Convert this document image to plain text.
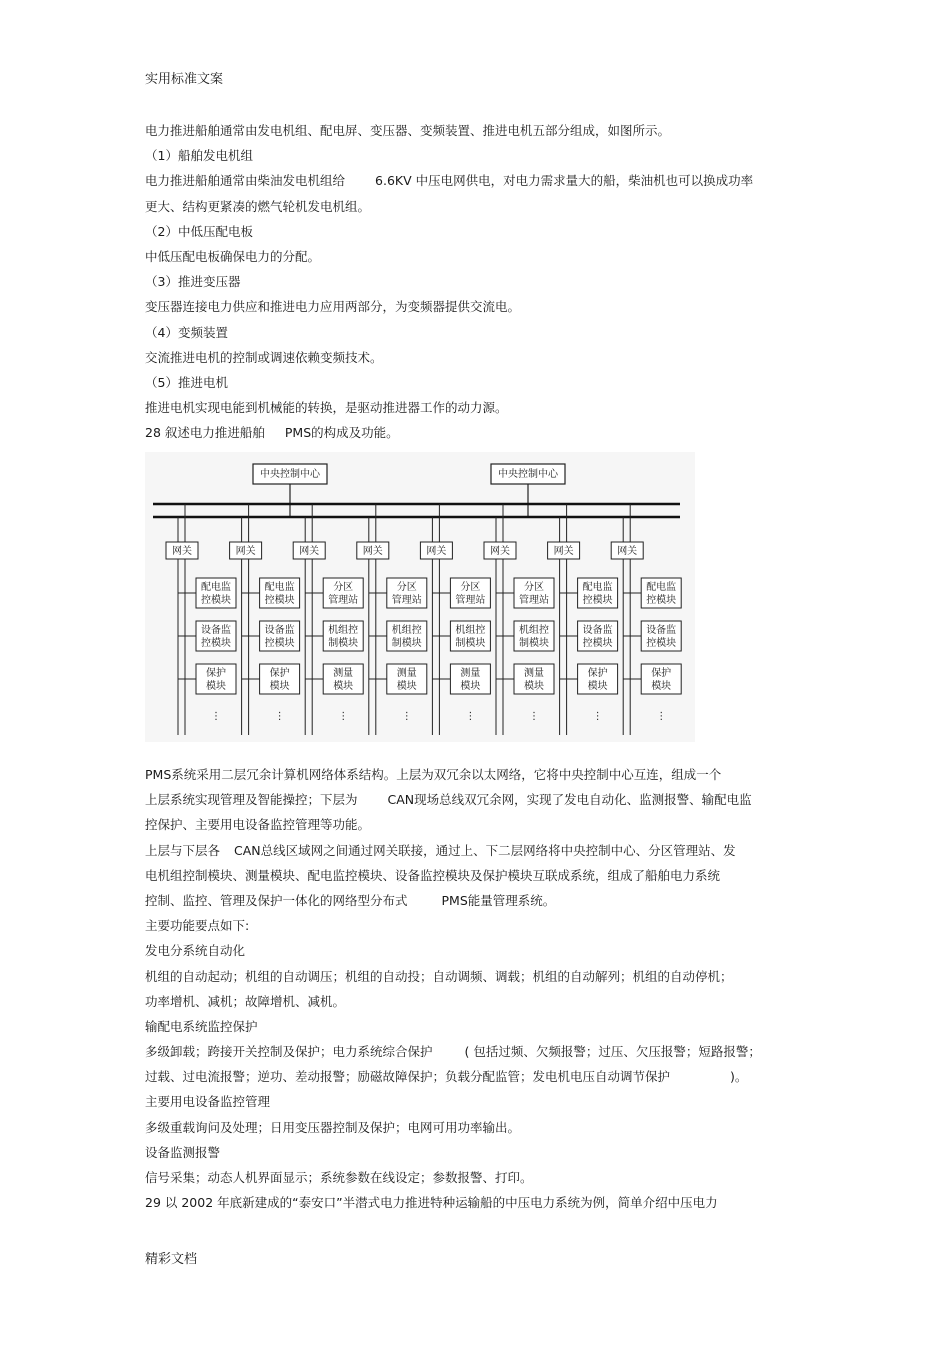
实用标准文案
电力推进船舶通常由发电机组、配电屏、变压器、变频装置、推进电机五部分组成，如图所示。
（1）船舶发电机组
电力推进船舶通常由柴油发电机组给 6.6KV 中压电网供电，对电力需求量大的船，柴油机也可以换成功率
更大、结构更紧凑的燃气轮机发电机组。
（2）中低压配电板
中低压配电板确保电力的分配。
（3）推进变压器
变压器连接电力供应和推进电力应用两部分，为变频器提供交流电。
（4）变频装置
交流推进电机的控制或调速依赖变频技术。
（5）推进电机
推进电机实现电能到机械能的转换，是驱动推进器工作的动力源。
28 叙述电力推进船舶 PMS的构成及功能。
中央控制中心	中央控制中心
网关
配电监
控模块
设备监
控模块
保护
模块
⋮
网关
配电监
控模块
设备监
控模块
保护
模块
⋮
网关
分区
管理站
机组控
制模块
测量
模块
⋮
网关
分区
管理站
机组控
制模块
测量
模块
⋮
网关
分区
管理站
机组控
制模块
测量
模块
⋮
网关
分区
管理站
机组控
制模块
测量
模块
⋮
网关
配电监
控模块
设备监
控模块
保护
模块
⋮
网关
配电监
控模块
设备监
控模块
保护
模块
⋮
PMS系统采用二层冗余计算机网络体系结构。上层为双冗余以太网络，它将中央控制中心互连，组成一个
上层系统实现管理及智能操控；下层为 CAN现场总线双冗余网，实现了发电自动化、监测报警、输配电监
控保护、主要用电设备监控管理等功能。
上层与下层各 CAN总线区域网之间通过网关联接，通过上、下二层网络将中央控制中心、分区管理站、发
电机组控制模块、测量模块、配电监控模块、设备监控模块及保护模块互联成系统，组成了船舶电力系统
控制、监控、管理及保护一体化的网络型分布式	PMS能量管理系统。
主要功能要点如下:
发电分系统自动化
机组的自动起动；机组的自动调压；机组的自动投；自动调频、调载；机组的自动解列；机组的自动停机；
功率增机、减机；故障增机、减机。
输配电系统监控保护
多级卸载；跨接开关控制及保护；电力系统综合保护	( 包括过频、欠频报警；过压、欠压报警；短路报警；
过载、过电流报警；逆功、差动报警；励磁故障保护；负载分配监管；发电机电压自动调节保护	)。
主要用电设备监控管理
多级重载询问及处理；日用变压器控制及保护；电网可用功率输出。
设备监测报警
信号采集；动态人机界面显示；系统参数在线设定；参数报警、打印。
29 以 2002 年底新建成的“泰安口”半潜式电力推进特种运输船的中压电力系统为例，简单介绍中压电力
精彩文档
